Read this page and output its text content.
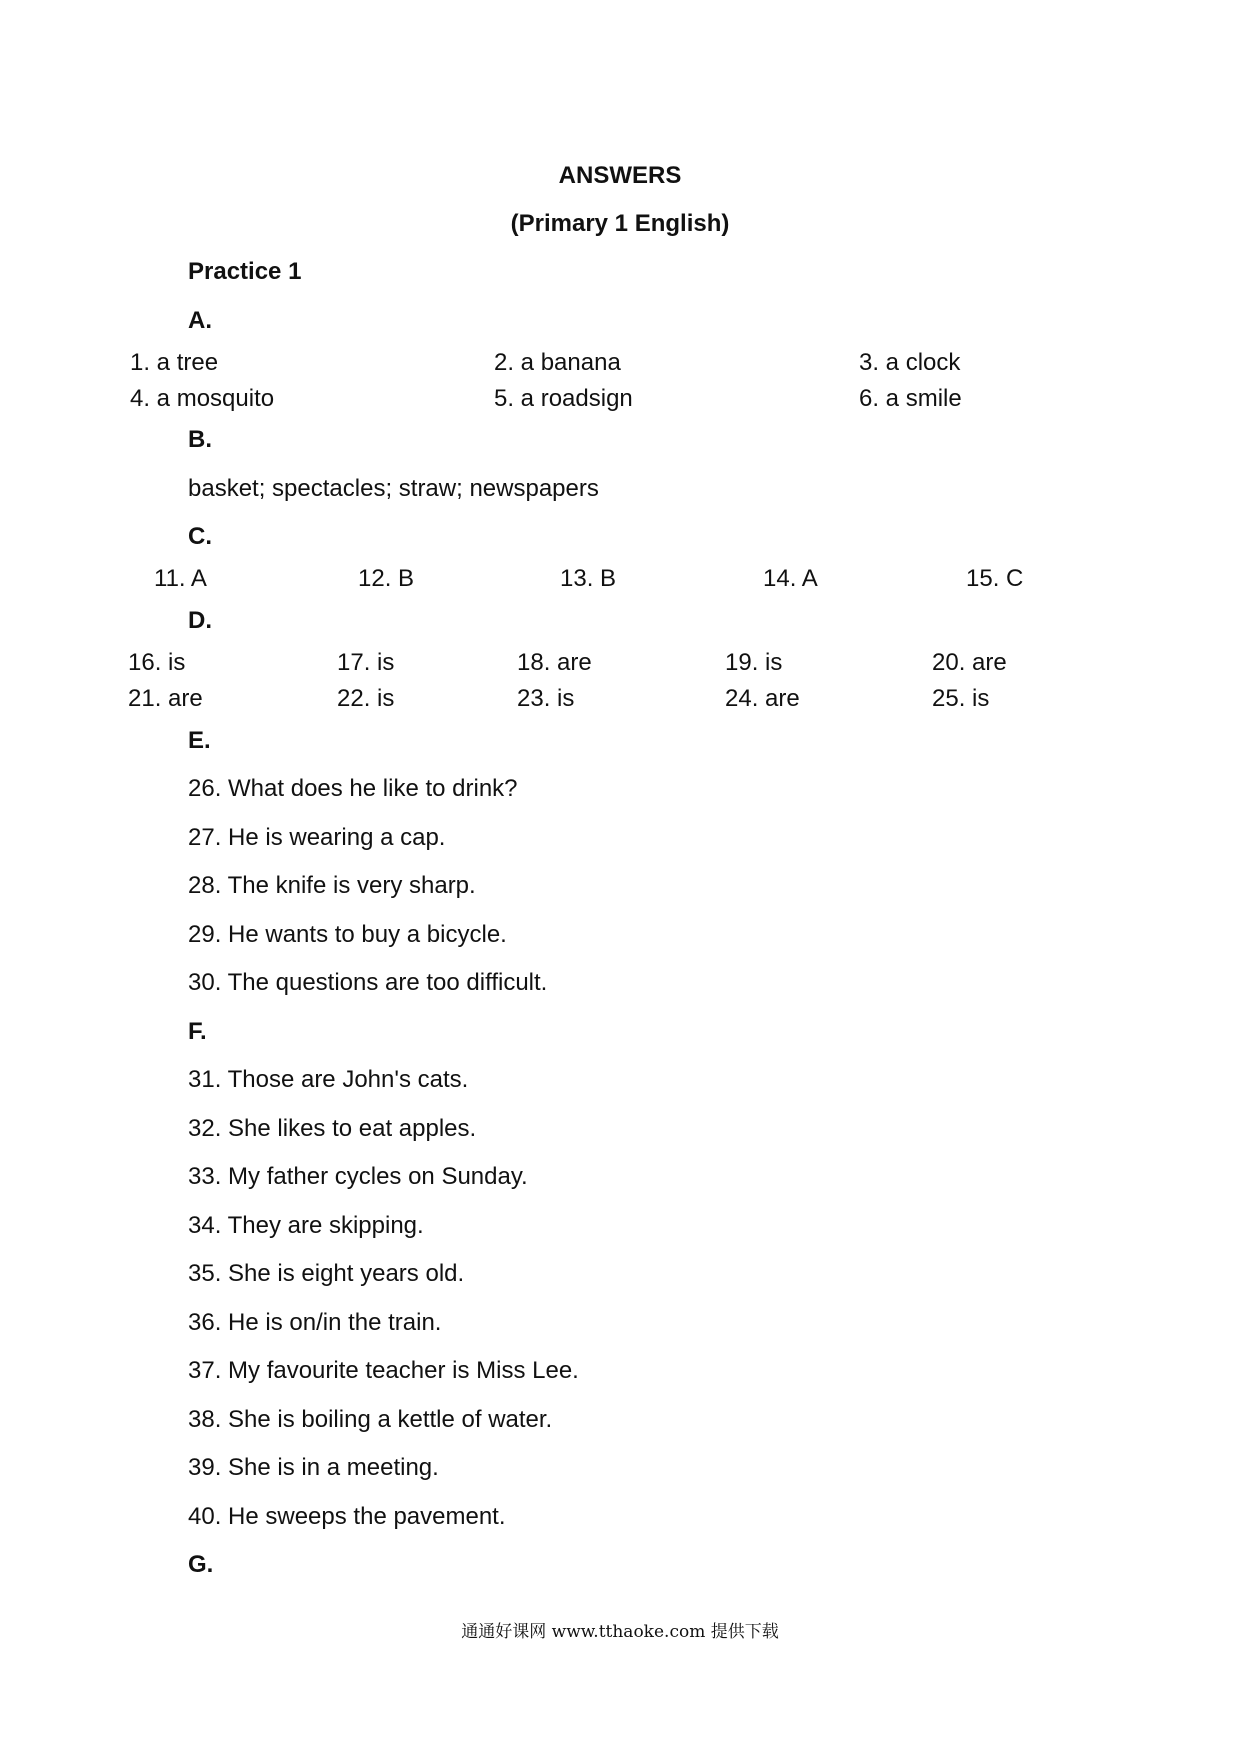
ANSWERS
(Primary 1 English)
Practice 1
A.
1. a tree	2. a banana	3. a clock
4. a mosquito	5. a roadsign	6. a smile
B.
basket; spectacles; straw; newspapers
C.
11. A	12. B	13. B	14. A	15. C
D.
16. is	17. is	18. are	19. is	20. are
21. are	22. is	23. is	24. are	25. is
E.
26. What does he like to drink?
27. He is wearing a cap.
28. The knife is very sharp.
29. He wants to buy a bicycle.
30. The questions are too difficult.
F.
31. Those are John's cats.
32. She likes to eat apples.
33. My father cycles on Sunday.
34. They are skipping.
35. She is eight years old.
36. He is on/in the train.
37. My favourite teacher is Miss Lee.
38. She is boiling a kettle of water.
39. She is in a meeting.
40. He sweeps the pavement.
G.
通通好课网 www.tthaoke.com 提供下载
